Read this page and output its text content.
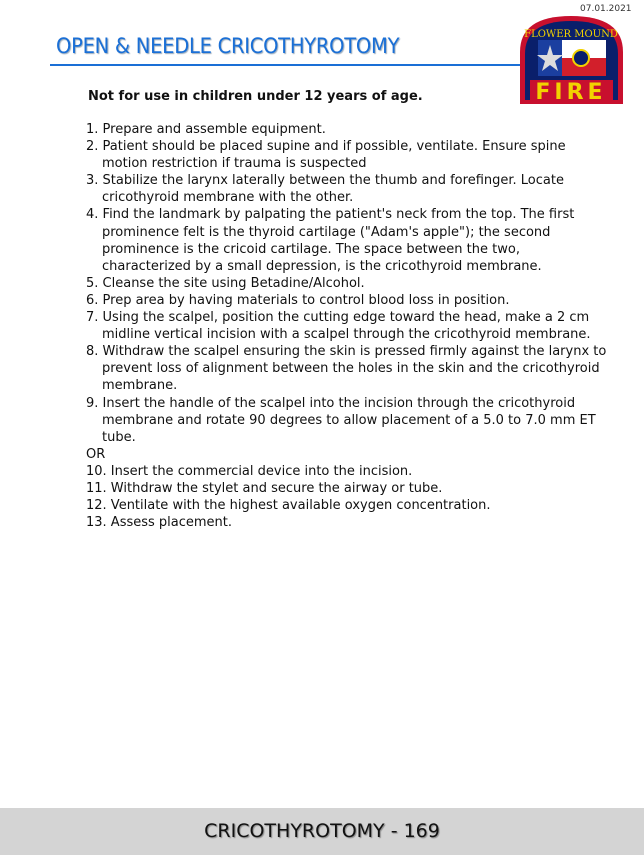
07.01.2021
OPEN & NEEDLE CRICOTHYROTOMY	FLOWER MOUND
FIRE
Not for use in children under 12 years of age.
1. Prepare and assemble equipment.
2. Patient should be placed supine and if possible, ventilate. Ensure spine
motion restriction if trauma is suspected
3. Stabilize the larynx laterally between the thumb and forefinger. Locate
cricothyroid membrane with the other.
4. Find the landmark by palpating the patient's neck from the top. The first
prominence felt is the thyroid cartilage ("Adam's apple"); the second
prominence is the cricoid cartilage. The space between the two,
characterized by a small depression, is the cricothyroid membrane.
5. Cleanse the site using Betadine/Alcohol.
6. Prep area by having materials to control blood loss in position.
7. Using the scalpel, position the cutting edge toward the head, make a 2 cm
midline vertical incision with a scalpel through the cricothyroid membrane.
8. Withdraw the scalpel ensuring the skin is pressed firmly against the larynx to
prevent loss of alignment between the holes in the skin and the cricothyroid
membrane.
9. Insert the handle of the scalpel into the incision through the cricothyroid
membrane and rotate 90 degrees to allow placement of a 5.0 to 7.0 mm ET
tube.
OR
10. Insert the commercial device into the incision.
11. Withdraw the stylet and secure the airway or tube.
12. Ventilate with the highest available oxygen concentration.
13. Assess placement.
CRICOTHYROTOMY - 169
